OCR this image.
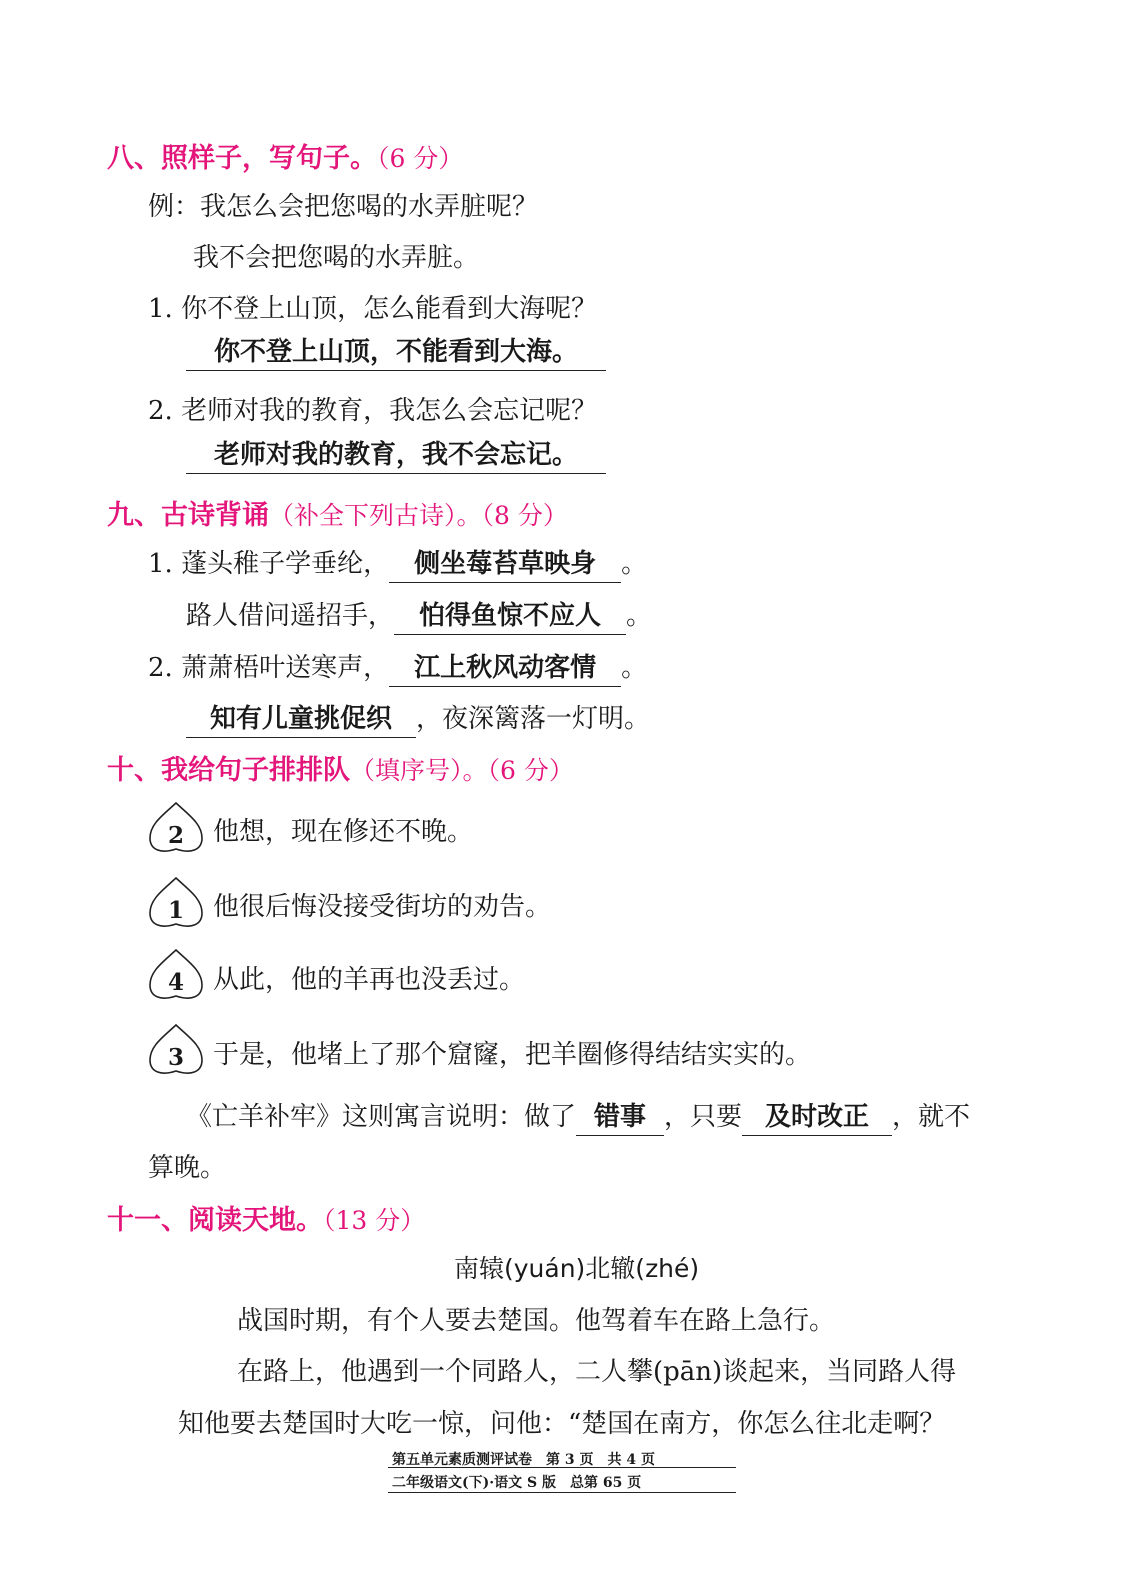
八、照样子，写句子。（6 分）
例：我怎么会把您喝的水弄脏呢？
我不会把您喝的水弄脏。
1. 你不登上山顶，怎么能看到大海呢？
你不登上山顶，不能看到大海。
2. 老师对我的教育，我怎么会忘记呢？
老师对我的教育，我不会忘记。
九、古诗背诵（补全下列古诗）。（8 分）
1. 蓬头稚子学垂纶， 侧坐莓苔草映身 。
路人借问遥招手， 怕得鱼惊不应人 。
2. 萧萧梧叶送寒声， 江上秋风动客情 。
知有儿童挑促织 ，夜深篱落一灯明。
十、我给句子排排队（填序号）。（6 分）
2	他想，现在修还不晚。
1	他很后悔没接受街坊的劝告。
4	从此，他的羊再也没丢过。
3	于是，他堵上了那个窟窿，把羊圈修得结结实实的。
《亡羊补牢》这则寓言说明：做了 错事 ，只要 及时改正 ，就不
算晚。
十一、阅读天地。（13 分）
南辕(yuán)北辙(zhé)
战国时期，有个人要去楚国。他驾着车在路上急行。
在路上，他遇到一个同路人，二人攀(pān)谈起来，当同路人得
知他要去楚国时大吃一惊，问他：“楚国在南方，你怎么往北走啊？
第五单元素质测评试卷　第 3 页　共 4 页
二年级语文(下)·语文 S 版　总第 65 页
